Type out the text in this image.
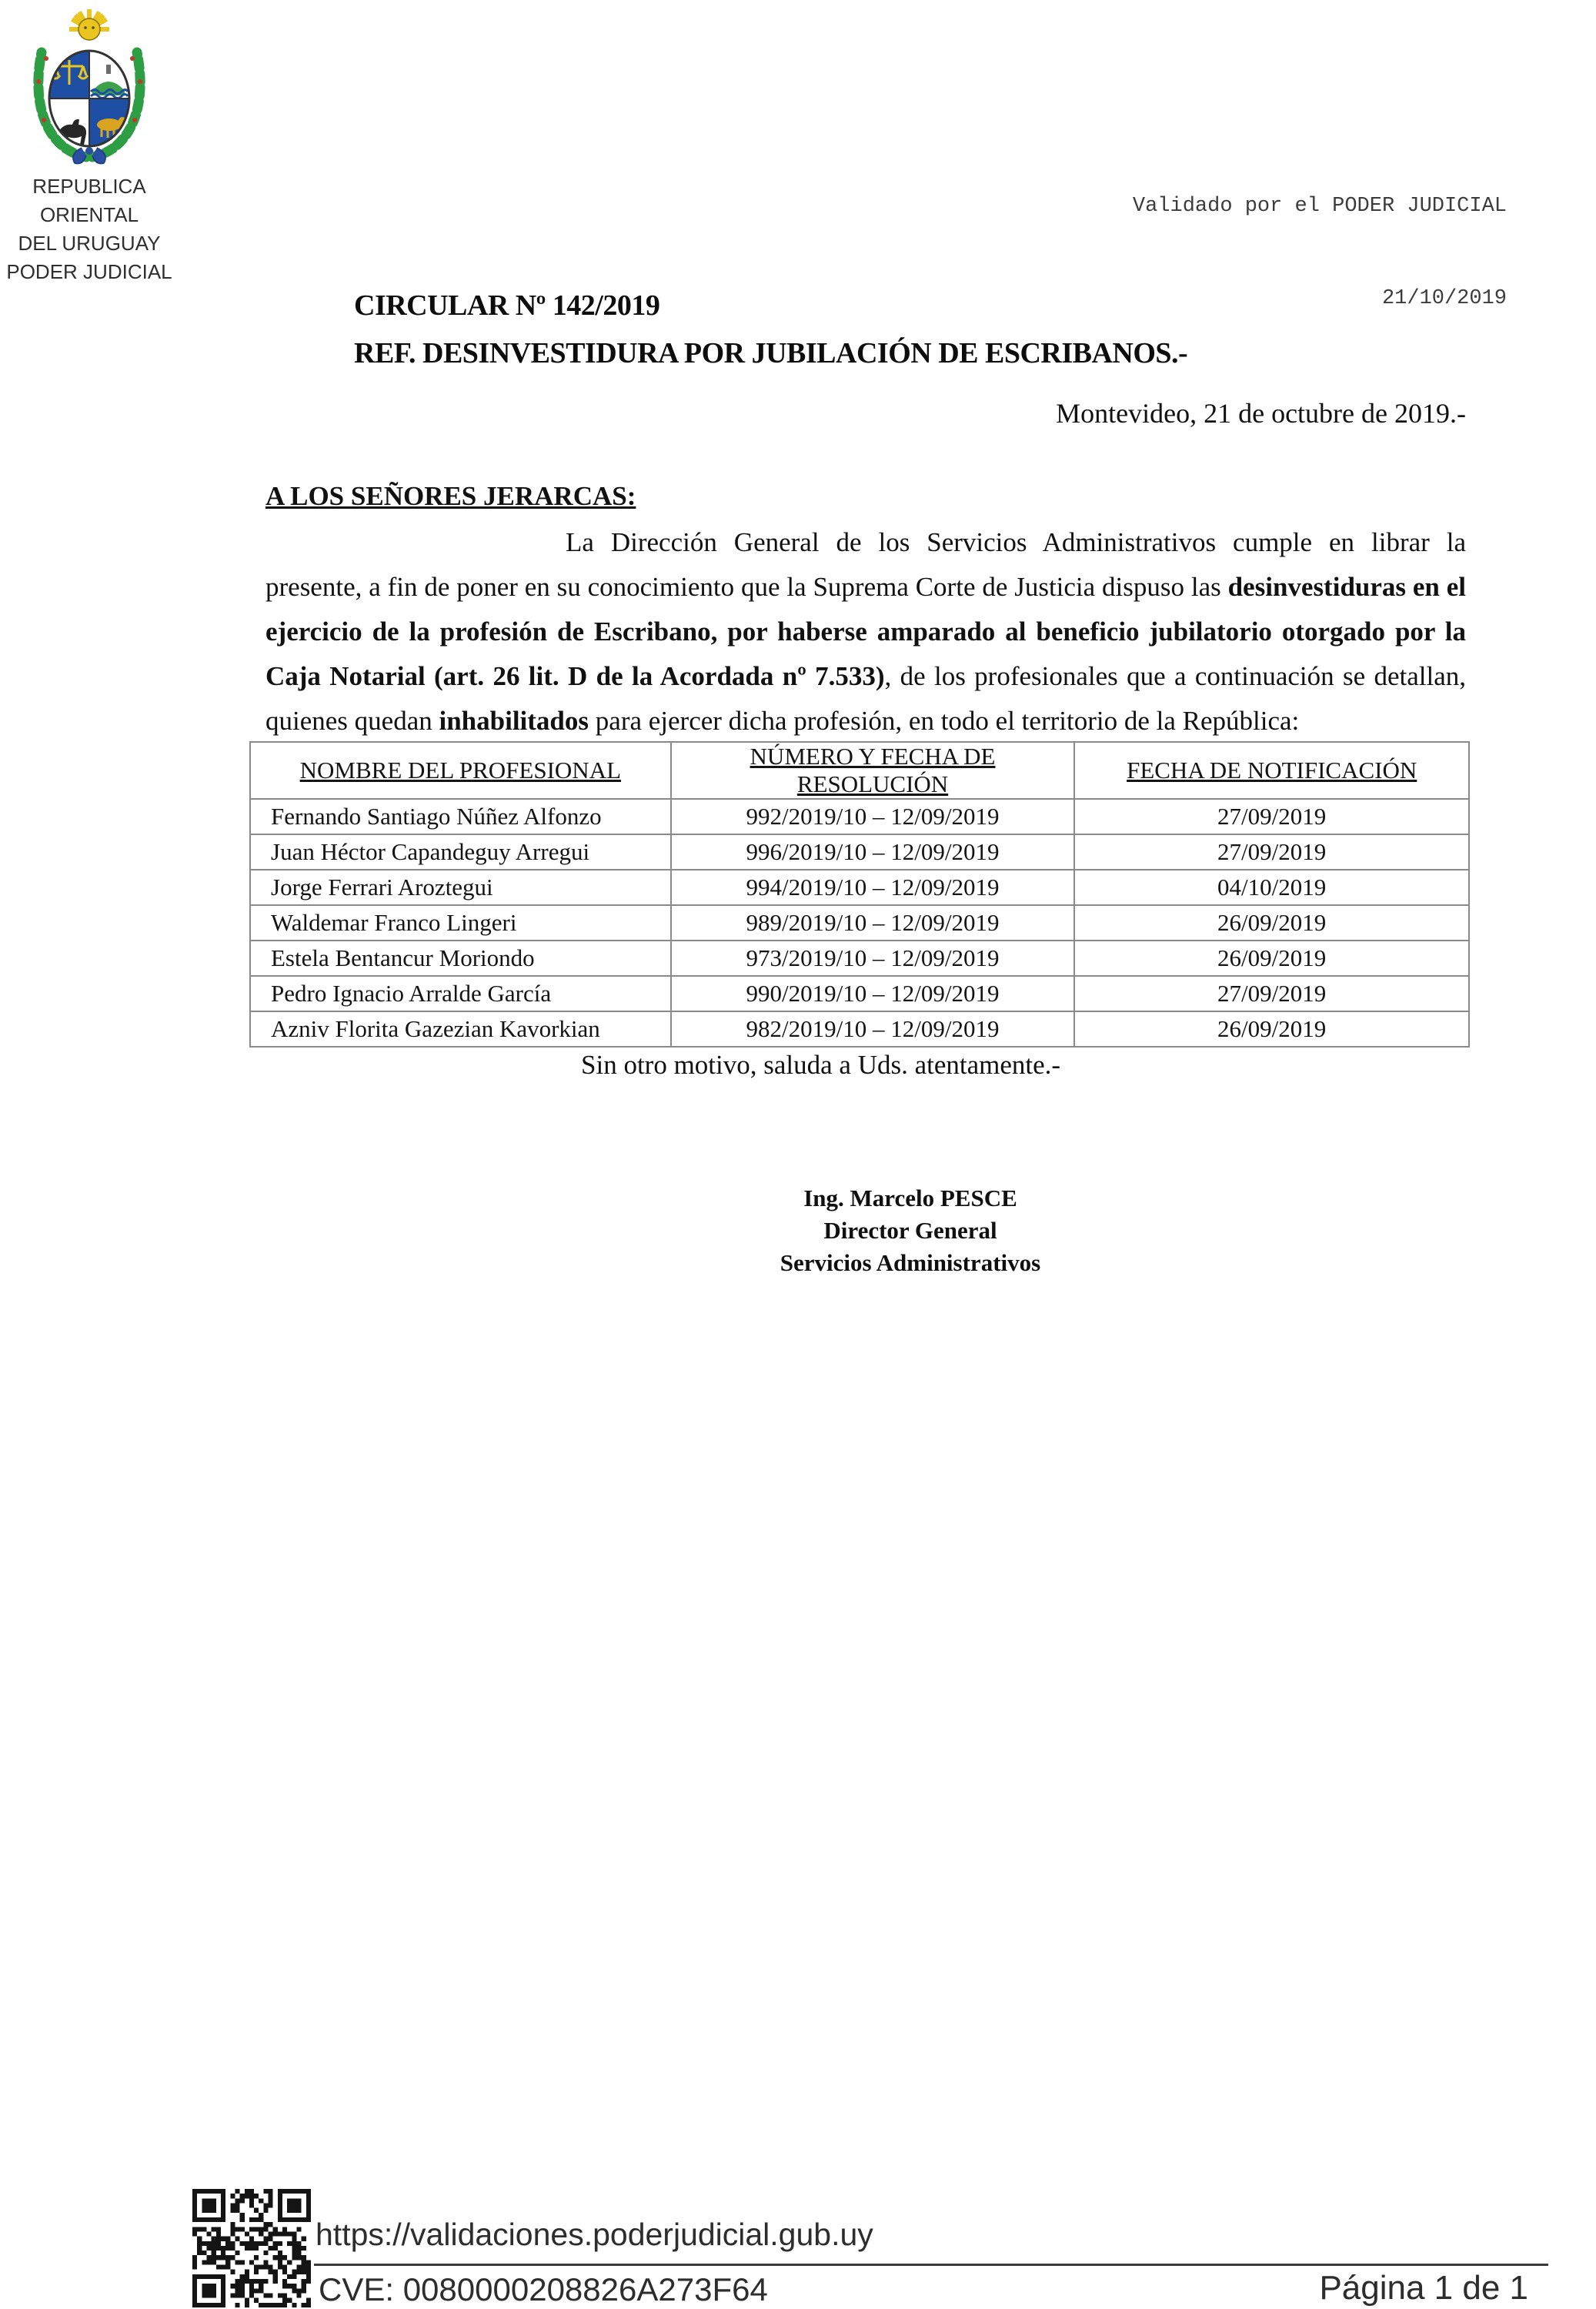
REPUBLICA ORIENTAL
DEL URUGUAY
PODER JUDICIAL

Validado por el PODER JUDICIAL

21/10/2019

CIRCULAR Nº 142/2019
REF. DESINVESTIDURA POR JUBILACIÓN DE ESCRIBANOS.-
Montevideo, 21 de octubre de 2019.-
A LOS SEÑORES JERARCAS:

La Dirección General de los Servicios Administrativos cumple en librar la presente, a fin de poner en su conocimiento que la Suprema Corte de Justicia dispuso las desinvestiduras en el ejercicio de la profesión de Escribano, por haberse amparado al beneficio jubilatorio otorgado por la Caja Notarial (art. 26 lit. D de la Acordada nº 7.533), de los profesionales que a continuación se detallan, quienes quedan inhabilitados para ejercer dicha profesión, en todo el territorio de la República:

NOMBRE DEL PROFESIONAL	NÚMERO Y FECHA DE RESOLUCIÓN	FECHA DE NOTIFICACIÓN
Fernando Santiago Núñez Alfonzo	992/2019/10 – 12/09/2019	27/09/2019
Juan Héctor Capandeguy Arregui	996/2019/10 – 12/09/2019	27/09/2019
Jorge Ferrari Aroztegui	994/2019/10 – 12/09/2019	04/10/2019
Waldemar Franco Lingeri	989/2019/10 – 12/09/2019	26/09/2019
Estela Bentancur Moriondo	973/2019/10 – 12/09/2019	26/09/2019
Pedro Ignacio Arralde García	990/2019/10 – 12/09/2019	27/09/2019
Azniv Florita Gazezian Kavorkian	982/2019/10 – 12/09/2019	26/09/2019
Sin otro motivo, saluda a Uds. atentamente.-
Ing. Marcelo PESCE
Director General
Servicios Administrativos
https://validaciones.poderjudicial.gub.uy
CVE: 0080000208826A273F64	Página 1 de 1
